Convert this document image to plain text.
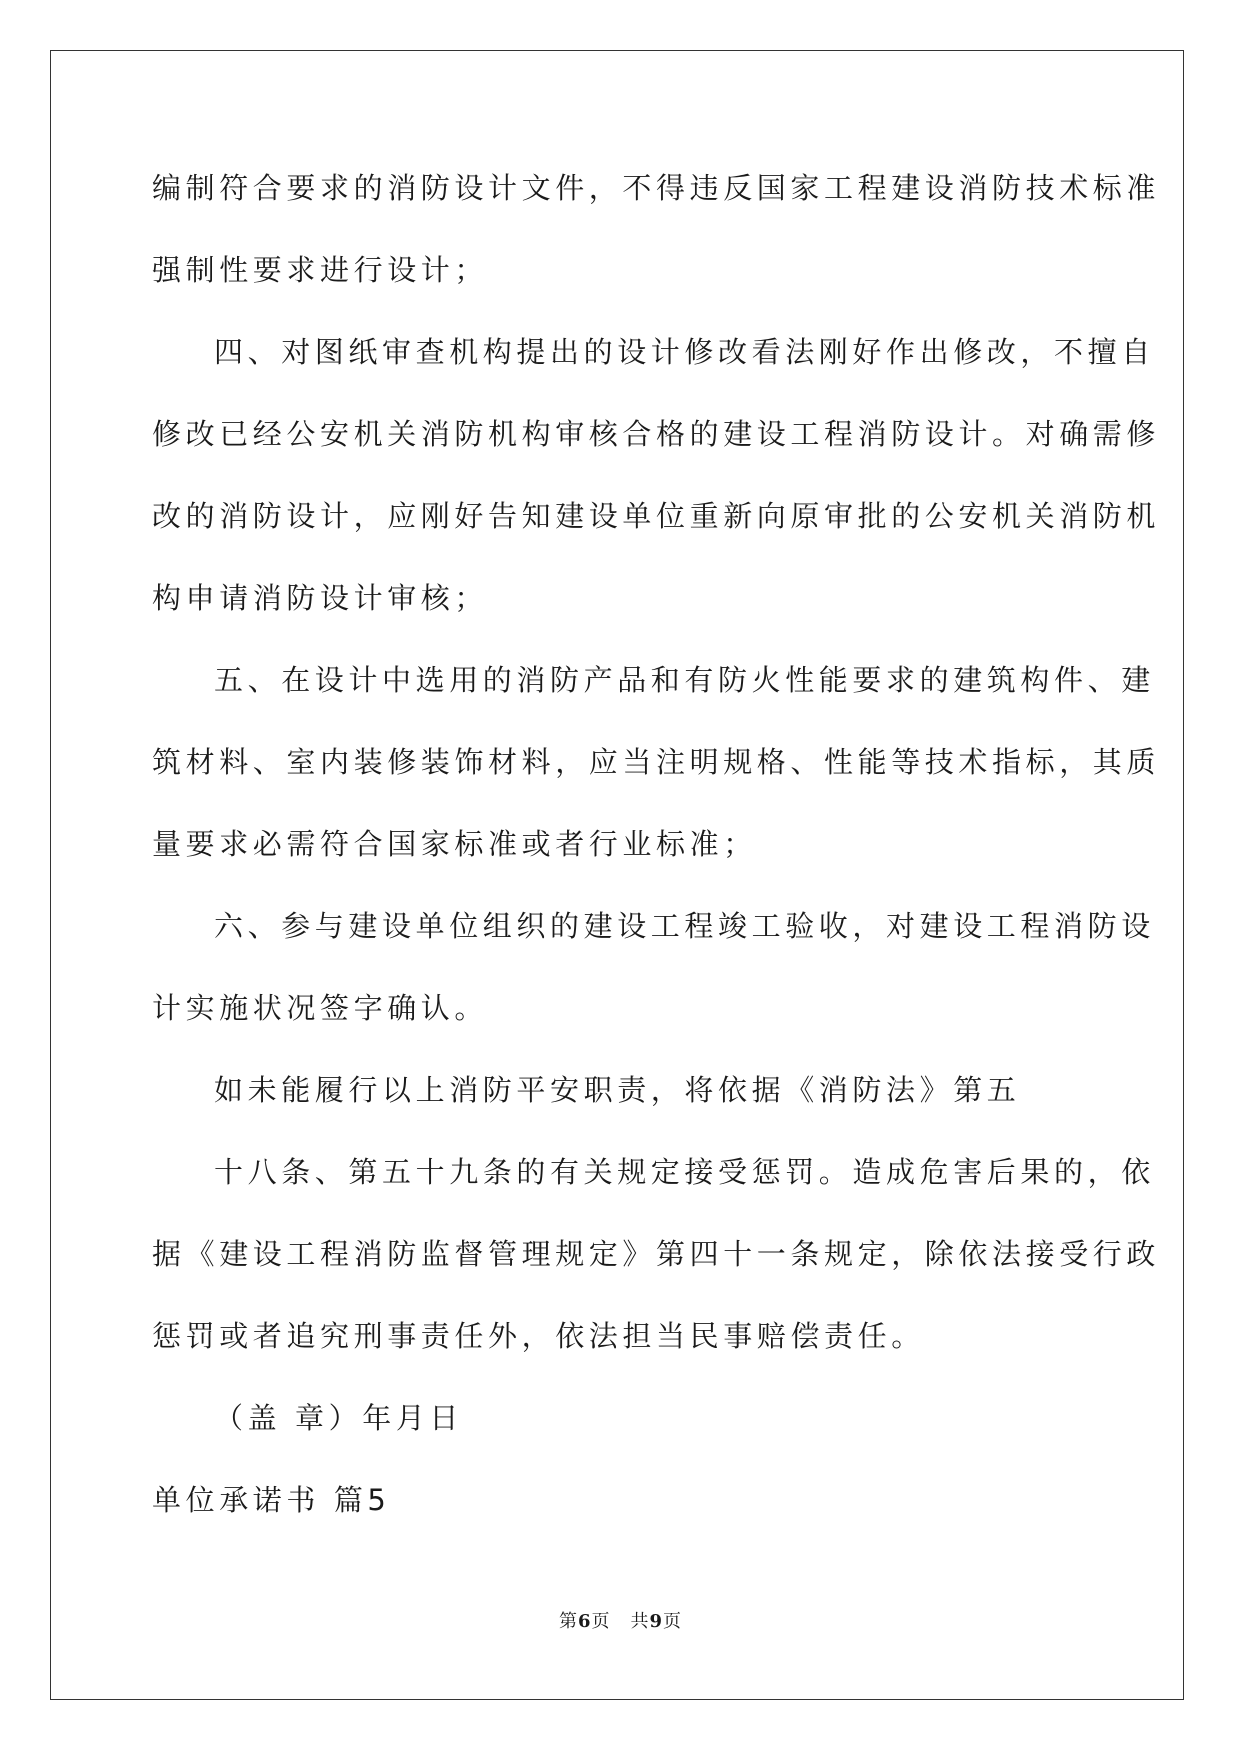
编制符合要求的消防设计文件，不得违反国家工程建设消防技术标准
强制性要求进行设计；
四、对图纸审查机构提出的设计修改看法刚好作出修改，不擅自
修改已经公安机关消防机构审核合格的建设工程消防设计。对确需修
改的消防设计，应刚好告知建设单位重新向原审批的公安机关消防机
构申请消防设计审核；
五、在设计中选用的消防产品和有防火性能要求的建筑构件、建
筑材料、室内装修装饰材料，应当注明规格、性能等技术指标，其质
量要求必需符合国家标准或者行业标准；
六、参与建设单位组织的建设工程竣工验收，对建设工程消防设
计实施状况签字确认。
如未能履行以上消防平安职责，将依据《消防法》第五
十八条、第五十九条的有关规定接受惩罚。造成危害后果的，依
据《建设工程消防监督管理规定》第四十一条规定，除依法接受行政
惩罚或者追究刑事责任外，依法担当民事赔偿责任。
（盖 章）年月日
单位承诺书 篇5
第6页 共9页
